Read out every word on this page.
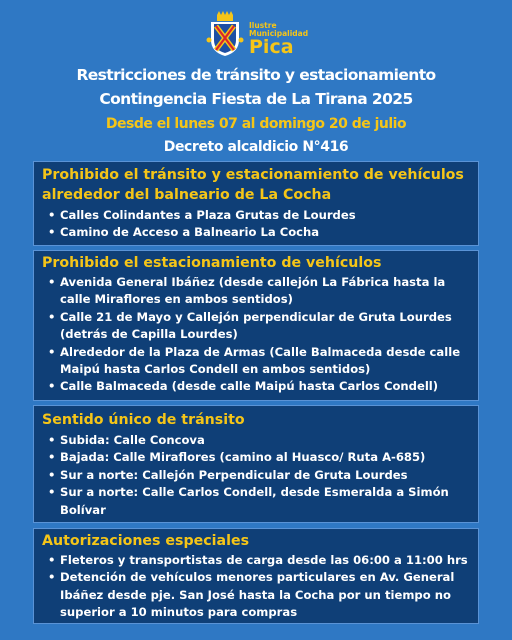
Ilustre
Municipalidad
Pica
Restricciones de tránsito y estacionamiento
Contingencia Fiesta de La Tirana 2025
Desde el lunes 07 al domingo 20 de julio
Decreto alcaldicio N°416
Prohibido el tránsito y estacionamiento de vehículos
alrededor del balneario de La Cocha
• Calles Colindantes a Plaza Grutas de Lourdes
• Camino de Acceso a Balneario La Cocha
Prohibido el estacionamiento de vehículos
• Avenida General Ibáñez (desde callejón La Fábrica hasta la
calle Miraflores en ambos sentidos)
• Calle 21 de Mayo y Callejón perpendicular de Gruta Lourdes
(detrás de Capilla Lourdes)
• Alrededor de la Plaza de Armas (Calle Balmaceda desde calle
Maipú hasta Carlos Condell en ambos sentidos)
• Calle Balmaceda (desde calle Maipú hasta Carlos Condell)
Sentido único de tránsito
• Subida: Calle Concova
• Bajada: Calle Miraflores (camino al Huasco/ Ruta A-685)
• Sur a norte: Callejón Perpendicular de Gruta Lourdes
• Sur a norte: Calle Carlos Condell, desde Esmeralda a Simón
Bolívar
Autorizaciones especiales
• Fleteros y transportistas de carga desde las 06:00 a 11:00 hrs
• Detención de vehículos menores particulares en Av. General
Ibáñez desde pje. San José hasta la Cocha por un tiempo no
superior a 10 minutos para compras
